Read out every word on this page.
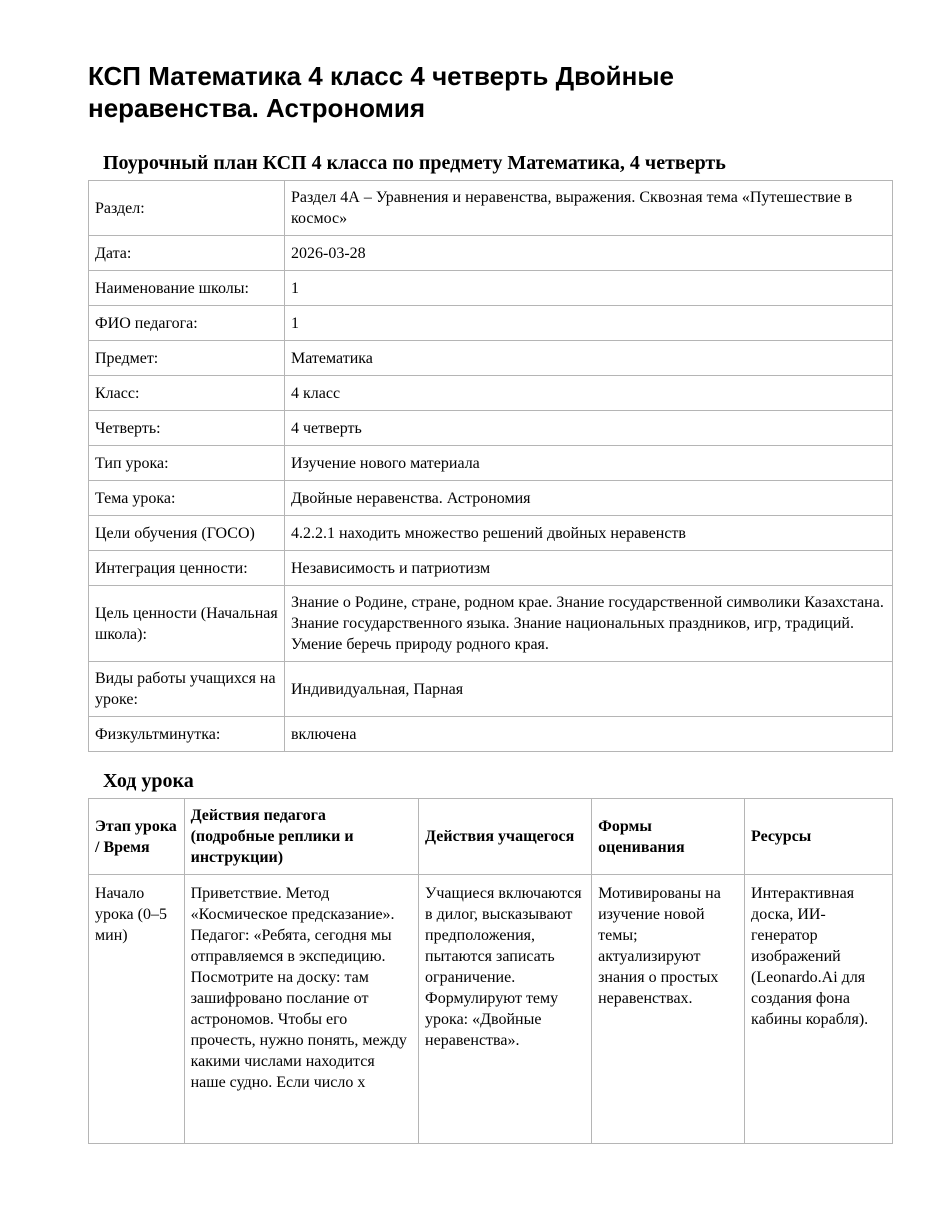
КСП Математика 4 класс 4 четверть Двойные неравенства. Астрономия
Поурочный план КСП 4 класса по предмету Математика, 4 четверть
Раздел:	Раздел 4А – Уравнения и неравенства, выражения. Сквозная тема «Путешествие в космос»
Дата:	2026-03-28
Наименование школы:	1
ФИО педагога:	1
Предмет:	Математика
Класс:	4 класс
Четверть:	4 четверть
Тип урока:	Изучение нового материала
Тема урока:	Двойные неравенства. Астрономия
Цели обучения (ГОСО)	4.2.2.1 находить множество решений двойных неравенств
Интеграция ценности:	Независимость и патриотизм
Цель ценности (Начальная школа):	Знание о Родине, стране, родном крае. Знание государственной символики Казахстана. Знание государственного языка. Знание национальных праздников, игр, традиций. Умение беречь природу родного края.
Виды работы учащихся на уроке:	Индивидуальная, Парная
Физкультминутка:	включена
Ход урока
Этап урока / Время	Действия педагога (подробные реплики и инструкции)	Действия учащегося	Формы оценивания	Ресурсы
Начало урока (0–5 мин)	Приветствие. Метод «Космическое предсказание». Педагог: «Ребята, сегодня мы отправляемся в экспедицию. Посмотрите на доску: там зашифровано послание от астрономов. Чтобы его прочесть, нужно понять, между какими числами находится наше судно. Если число х	Учащиеся включаются в дилог, высказывают предположения, пытаются записать ограничение. Формулируют тему урока: «Двойные неравенства».	Мотивированы на изучение новой темы; актуализируют знания о простых неравенствах.	Интерактивная доска, ИИ-генератор изображений (Leonardo.Ai для создания фона кабины корабля).
